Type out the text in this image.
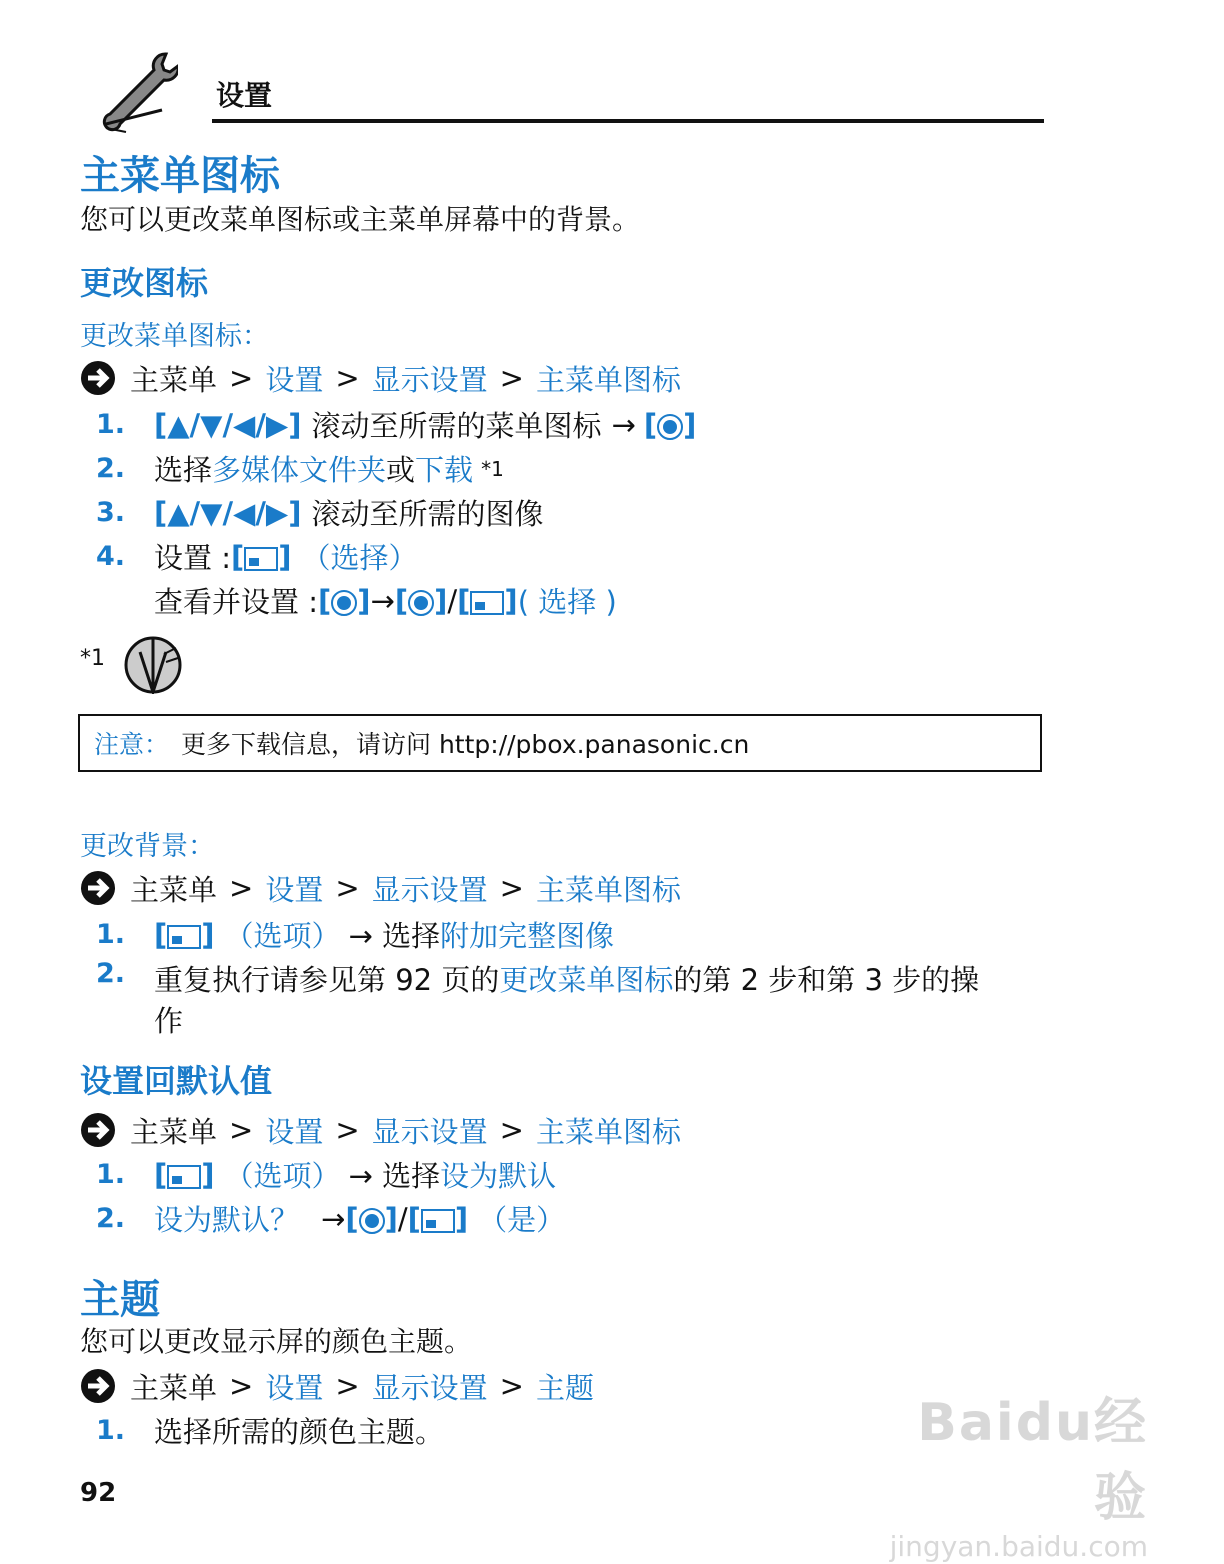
设置
主菜单图标
您可以更改菜单图标或主菜单屏幕中的背景。
更改图标
更改菜单图标：
主菜单 > 设置 > 显示设置 > 主菜单图标
1. [▲/▼/◀/▶] 滚动至所需的菜单图标 → [ ]
2. 选择 多媒体文件夹 或 下载 *1
3. [▲/▼/◀/▶] 滚动至所需的图像
4. 设置 : [ ] （选择）
查看并设置 : [ ] → [ ] / [ ] ( 选择 )
*1
注意： 更多下载信息，请访问 http://pbox.panasonic.cn
更改背景：
主菜单 > 设置 > 显示设置 > 主菜单图标
1. [ ] （选项） → 选择 附加完整图像
2. 重复执行请参见第 92 页的更改菜单图标的第 2 步和第 3 步的操
作
设置回默认值
主菜单 > 设置 > 显示设置 > 主菜单图标
1. [ ] （选项） → 选择 设为默认
2. 设为默认？ → [ ] / [ ] （是）
主题
您可以更改显示屏的颜色主题。
主菜单 > 设置 > 显示设置 > 主题
1. 选择所需的颜色主题。
92
Baidu经验
jingyan.baidu.com
